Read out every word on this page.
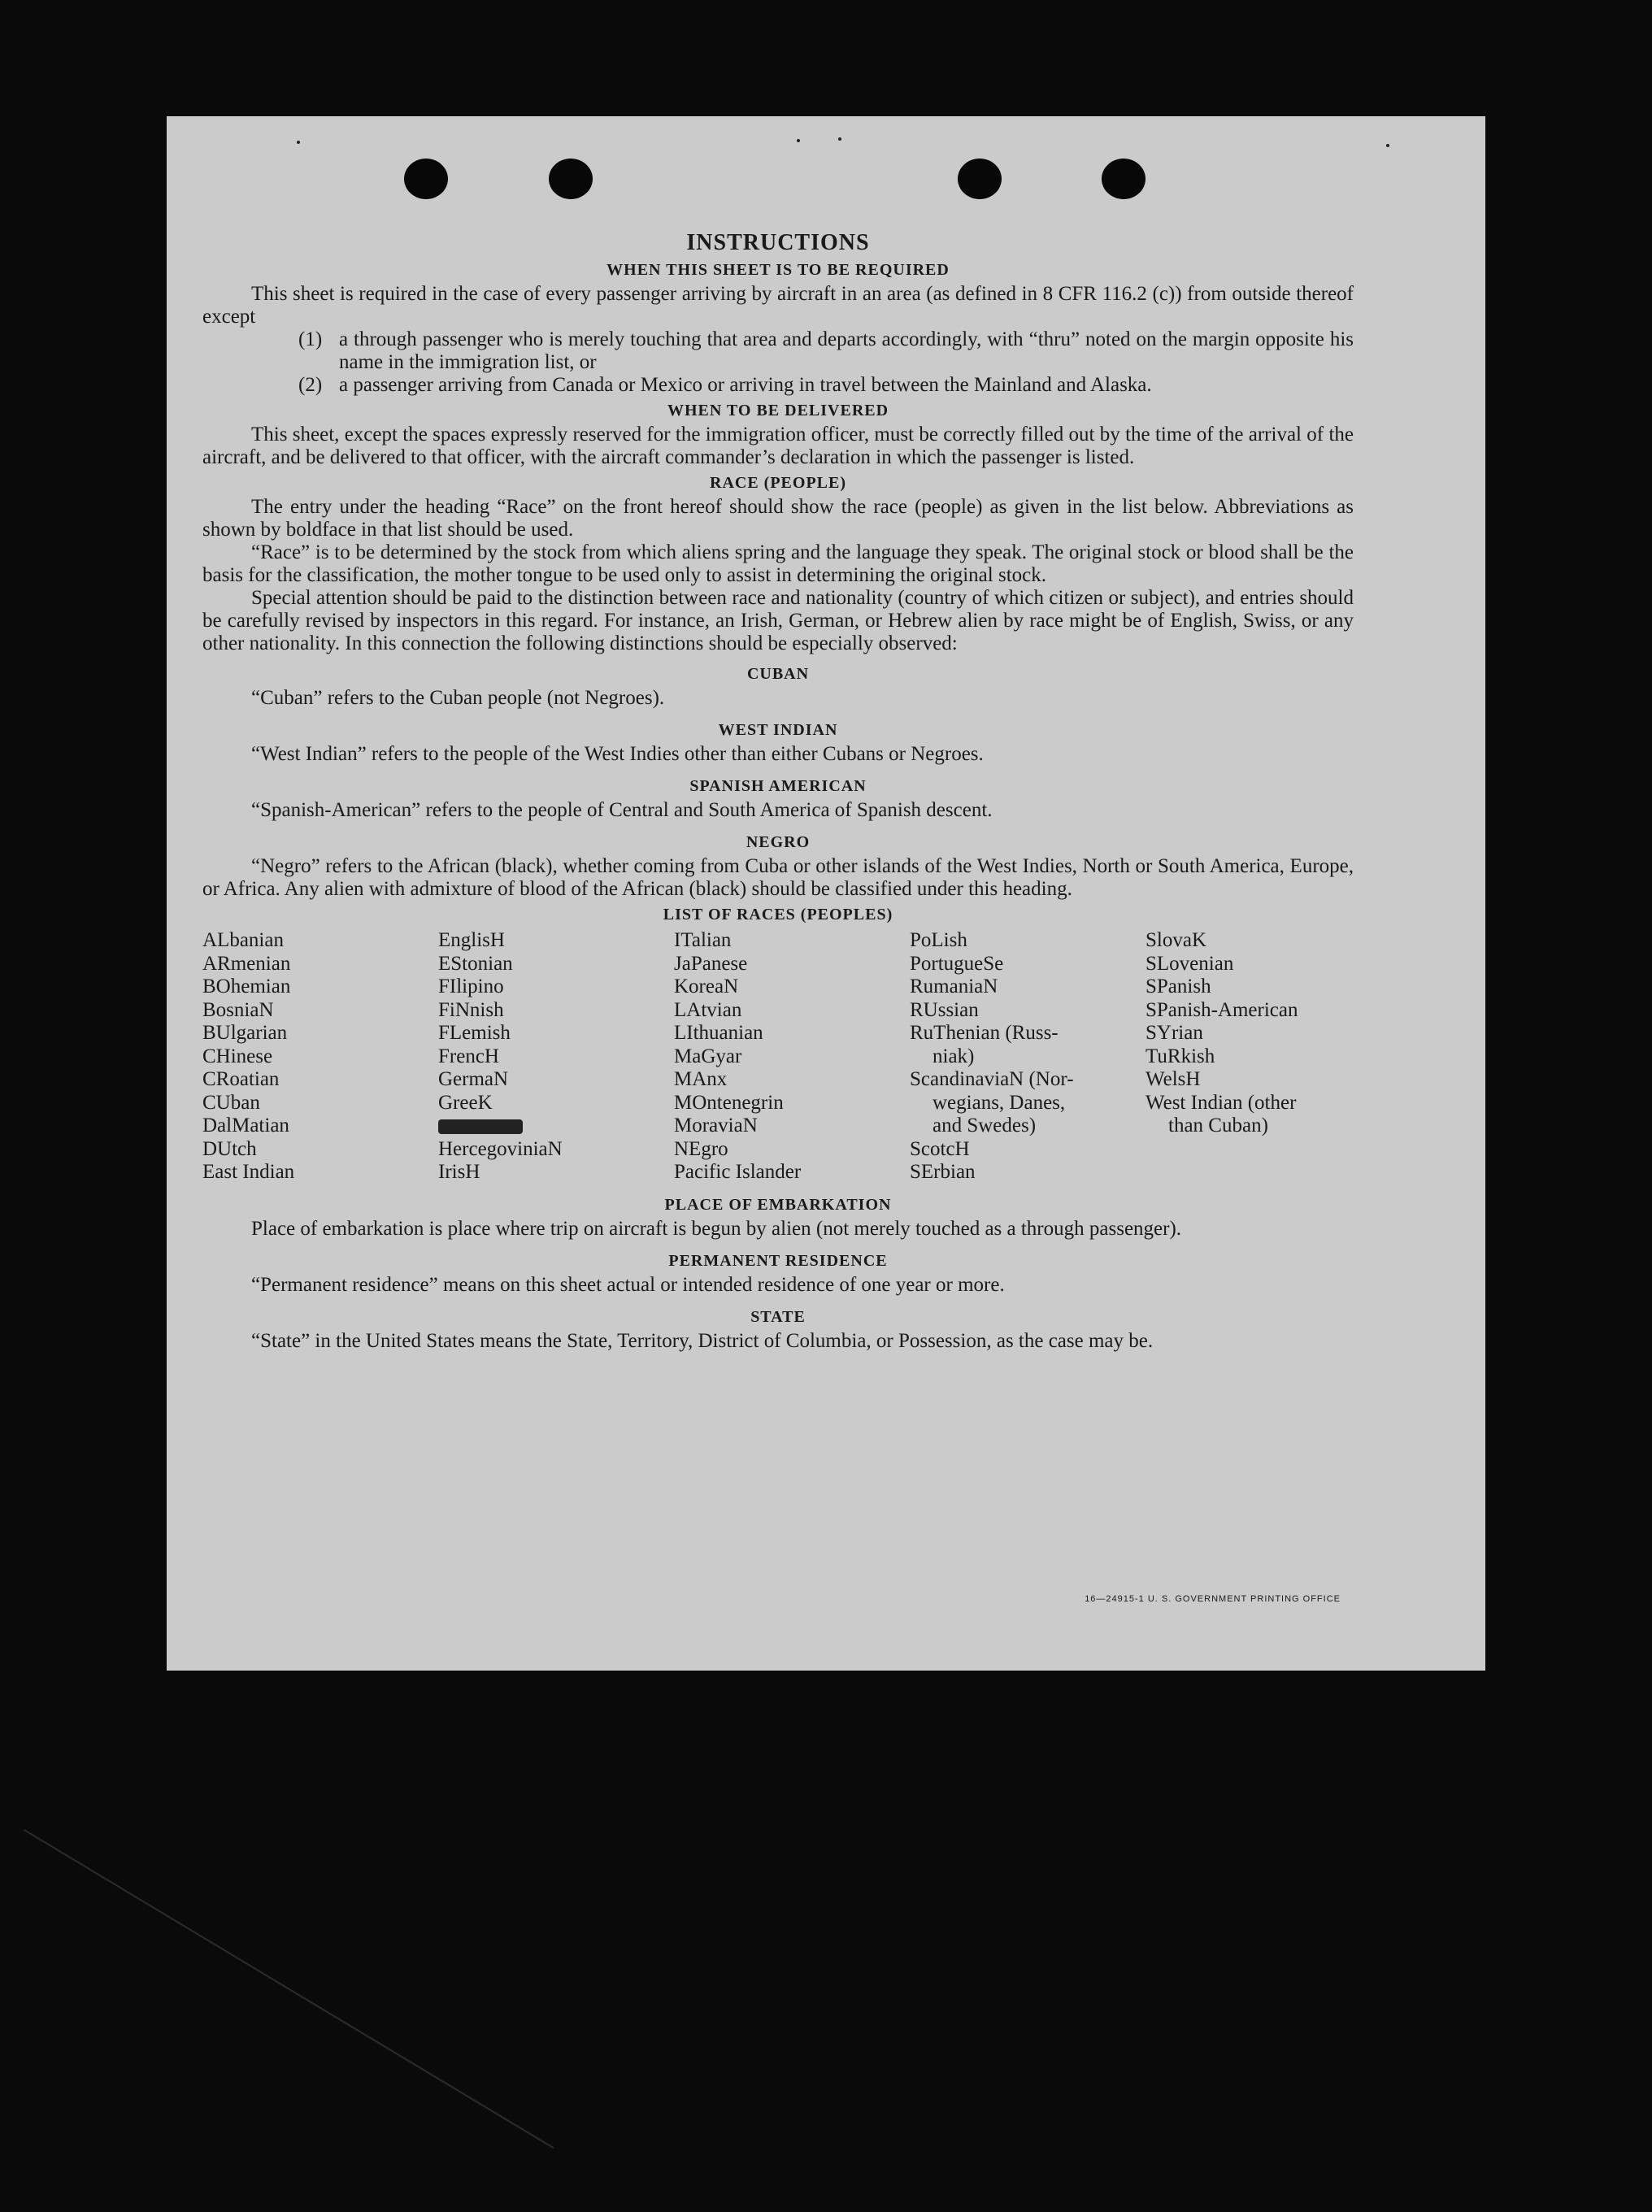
INSTRUCTIONS
WHEN THIS SHEET IS TO BE REQUIRED

This sheet is required in the case of every passenger arriving by aircraft in an area (as defined in 8 CFR 116.2 (c)) from outside thereof except

(1) a through passenger who is merely touching that area and departs accordingly, with “thru” noted on the margin opposite his name in the immigration list, or
(2) a passenger arriving from Canada or Mexico or arriving in travel between the Mainland and Alaska.
WHEN TO BE DELIVERED

This sheet, except the spaces expressly reserved for the immigration officer, must be correctly filled out by the time of the arrival of the aircraft, and be delivered to that officer, with the aircraft commander’s declaration in which the passenger is listed.

RACE (PEOPLE)

The entry under the heading “Race” on the front hereof should show the race (people) as given in the list below. Abbreviations as shown by boldface in that list should be used.

“Race” is to be determined by the stock from which aliens spring and the language they speak. The original stock or blood shall be the basis for the classification, the mother tongue to be used only to assist in determining the original stock.

Special attention should be paid to the distinction between race and nationality (country of which citizen or subject), and entries should be carefully revised by inspectors in this regard. For instance, an Irish, German, or Hebrew alien by race might be of English, Swiss, or any other nationality. In this connection the following distinctions should be especially observed:

CUBAN

“Cuban” refers to the Cuban people (not Negroes).

WEST INDIAN

“West Indian” refers to the people of the West Indies other than either Cubans or Negroes.

SPANISH AMERICAN

“Spanish-American” refers to the people of Central and South America of Spanish descent.

NEGRO

“Negro” refers to the African (black), whether coming from Cuba or other islands of the West Indies, North or South America, Europe, or Africa. Any alien with admixture of blood of the African (black) should be classified under this heading.

LIST OF RACES (PEOPLES)
ALbanian
ARmenian
BOhemian
BosniaN
BUlgarian
CHinese
CRoatian
CUban
DalMatian
DUtch
East Indian
EnglisH
EStonian
FIlipino
FiNnish
FLemish
FrencH
GermaN
GreeK
HercegoviniaN
IrisH
ITalian
JaPanese
KoreaN
LAtvian
LIthuanian
MaGyar
MAnx
MOntenegrin
MoraviaN
NEgro
Pacific Islander
PoLish
PortugueSe
RumaniaN
RUssian
RuThenian (Russ-
niak)
ScandinaviaN (Nor-
wegians, Danes,
and Swedes)
ScotcH
SErbian
SlovaK
SLovenian
SPanish
SPanish-American
SYrian
TuRkish
WelsH
West Indian (other
than Cuban)
PLACE OF EMBARKATION

Place of embarkation is place where trip on aircraft is begun by alien (not merely touched as a through passenger).

PERMANENT RESIDENCE

“Permanent residence” means on this sheet actual or intended residence of one year or more.

STATE

“State” in the United States means the State, Territory, District of Columbia, or Possession, as the case may be.

16—24915-1 U. S. GOVERNMENT PRINTING OFFICE
